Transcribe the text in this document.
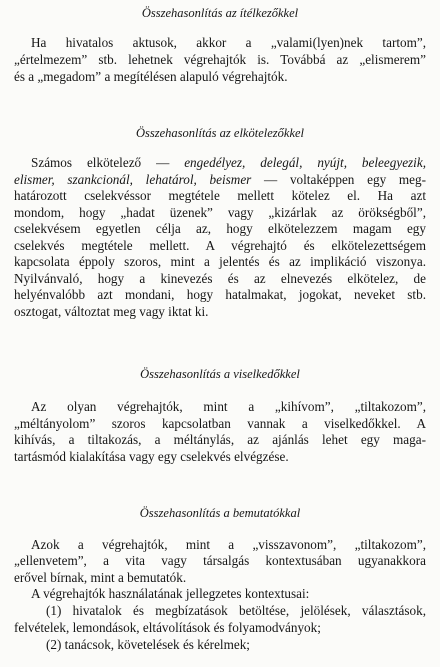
Összehasonlítás az ítélkezőkkel
Ha hivatalos aktusok, akkor a „valami(lyen)nek tartom”,
„értelmezem” stb. lehetnek végrehajtók is. Továbbá az „elismerem”
és a „megadom” a megítélésen alapuló végrehajtók.
Összehasonlítás az elkötelezőkkel
Számos elkötelező — engedélyez, delegál, nyújt, beleegyezik,
elismer, szankcionál, lehatárol, beismer — voltaképpen egy meg-
határozott cselekvéssor megtétele mellett kötelez el. Ha azt
mondom, hogy „hadat üzenek” vagy „kizárlak az örökségből”,
cselekvésem egyetlen célja az, hogy elkötelezzem magam egy
cselekvés megtétele mellett. A végrehajtó és elkötelezettségem
kapcsolata éppoly szoros, mint a jelentés és az implikáció viszonya.
Nyilvánvaló, hogy a kinevezés és az elnevezés elkötelez, de
helyénvalóbb azt mondani, hogy hatalmakat, jogokat, neveket stb.
osztogat, változtat meg vagy iktat ki.
Összehasonlítás a viselkedőkkel
Az olyan végrehajtók, mint a „kihívom”, „tiltakozom”,
„méltányolom” szoros kapcsolatban vannak a viselkedőkkel. A
kihívás, a tiltakozás, a méltánylás, az ajánlás lehet egy maga-
tartásmód kialakítása vagy egy cselekvés elvégzése.
Összehasonlítás a bemutatókkal
Azok a végrehajtók, mint a „visszavonom”, „tiltakozom”,
„ellenvetem”, a vita vagy társalgás kontextusában ugyanakkora
erővel bírnak, mint a bemutatók.
A végrehajtók használatának jellegzetes kontextusai:
(1) hivatalok és megbízatások betöltése, jelölések, választások,
felvételek, lemondások, eltávolítások és folyamodványok;
(2) tanácsok, követelések és kérelmek;
